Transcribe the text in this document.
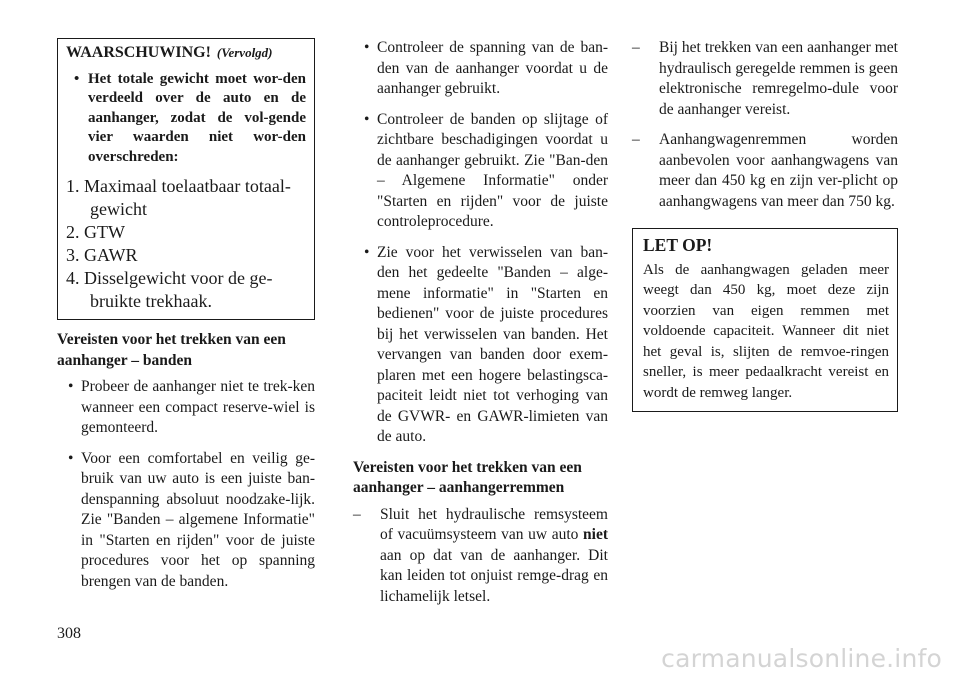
WAARSCHUWING! (Vervolgd)

• Het totale gewicht moet wor-den verdeeld over de auto en de aanhanger, zodat de vol-gende vier waarden niet wor-den overschreden:

1. Maximaal toelaatbaar totaal-gewicht
2. GTW
3. GAWR
4. Disselgewicht voor de ge-bruikte trekhaak.

Vereisten voor het trekken van een aanhanger – banden

• Probeer de aanhanger niet te trek-ken wanneer een compact reserve-wiel is gemonteerd.

• Voor een comfortabel en veilig ge-bruik van uw auto is een juiste ban-denspanning absoluut noodzake-lijk. Zie "Banden – algemene Informatie" in "Starten en rijden" voor de juiste procedures voor het op spanning brengen van de banden.

• Controleer de spanning van de ban-den van de aanhanger voordat u de aanhanger gebruikt.

• Controleer de banden op slijtage of zichtbare beschadigingen voordat u de aanhanger gebruikt. Zie "Ban-den – Algemene Informatie" onder "Starten en rijden" voor de juiste controleprocedure.

• Zie voor het verwisselen van ban-den het gedeelte "Banden – alge-mene informatie" in "Starten en bedienen" voor de juiste procedures bij het verwisselen van banden. Het vervangen van banden door exem-plaren met een hogere belastingsca-paciteit leidt niet tot verhoging van de GVWR- en GAWR-limieten van de auto.

Vereisten voor het trekken van een aanhanger – aanhangerremmen

– Sluit het hydraulische remsysteem of vacuümsysteem van uw auto niet aan op dat van de aanhanger. Dit kan leiden tot onjuist remge-drag en lichamelijk letsel.

– Bij het trekken van een aanhanger met hydraulisch geregelde remmen is geen elektronische remregelmo-dule voor de aanhanger vereist.

– Aanhangwagenremmen worden aanbevolen voor aanhangwagens van meer dan 450 kg en zijn ver-plicht op aanhangwagens van meer dan 750 kg.

LET OP!

Als de aanhangwagen geladen meer weegt dan 450 kg, moet deze zijn voorzien van eigen remmen met voldoende capaciteit. Wanneer dit niet het geval is, slijten de remvoe-ringen sneller, is meer pedaalkracht vereist en wordt de remweg langer.

308
carmanualsonline.info
